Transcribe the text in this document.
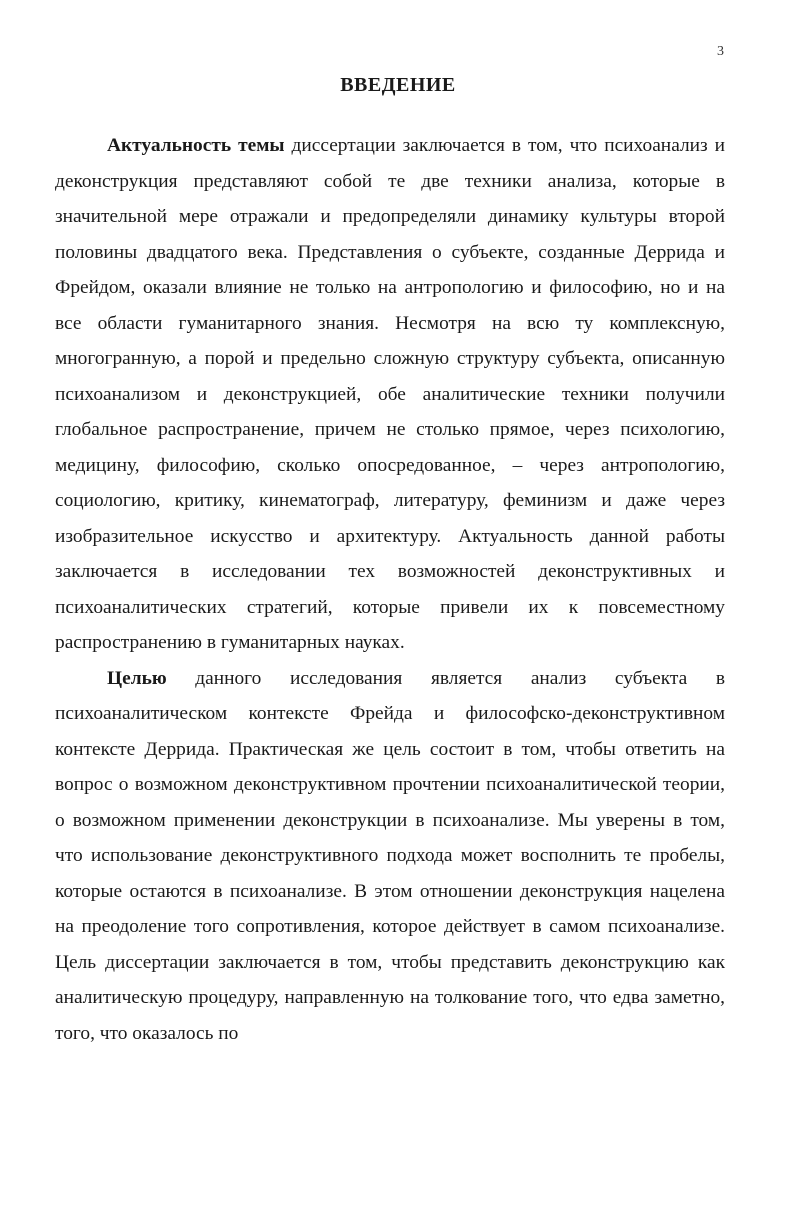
3
ВВЕДЕНИЕ

Актуальность темы диссертации заключается в том, что психоанализ и деконструкция представляют собой те две техники анализа, которые в значительной мере отражали и предопределяли динамику культуры второй половины двадцатого века. Представления о субъекте, созданные Деррида и Фрейдом, оказали влияние не только на антропологию и философию, но и на все области гуманитарного знания. Несмотря на всю ту комплексную, многогранную, а порой и предельно сложную структуру субъекта, описанную психоанализом и деконструкцией, обе аналитические техники получили глобальное распространение, причем не столько прямое, через психологию, медицину, философию, сколько опосредованное, – через антропологию, социологию, критику, кинематограф, литературу, феминизм и даже через изобразительное искусство и архитектуру. Актуальность данной работы заключается в исследовании тех возможностей деконструктивных и психоаналитических стратегий, которые привели их к повсеместному распространению в гуманитарных науках.

Целью данного исследования является анализ субъекта в психоаналитическом контексте Фрейда и философско-деконструктивном контексте Деррида. Практическая же цель состоит в том, чтобы ответить на вопрос о возможном деконструктивном прочтении психоаналитической теории, о возможном применении деконструкции в психоанализе. Мы уверены в том, что использование деконструктивного подхода может восполнить те пробелы, которые остаются в психоанализе. В этом отношении деконструкция нацелена на преодоление того сопротивления, которое действует в самом психоанализе. Цель диссертации заключается в том, чтобы представить деконструкцию как аналитическую процедуру, направленную на толкование того, что едва заметно, того, что оказалось по
